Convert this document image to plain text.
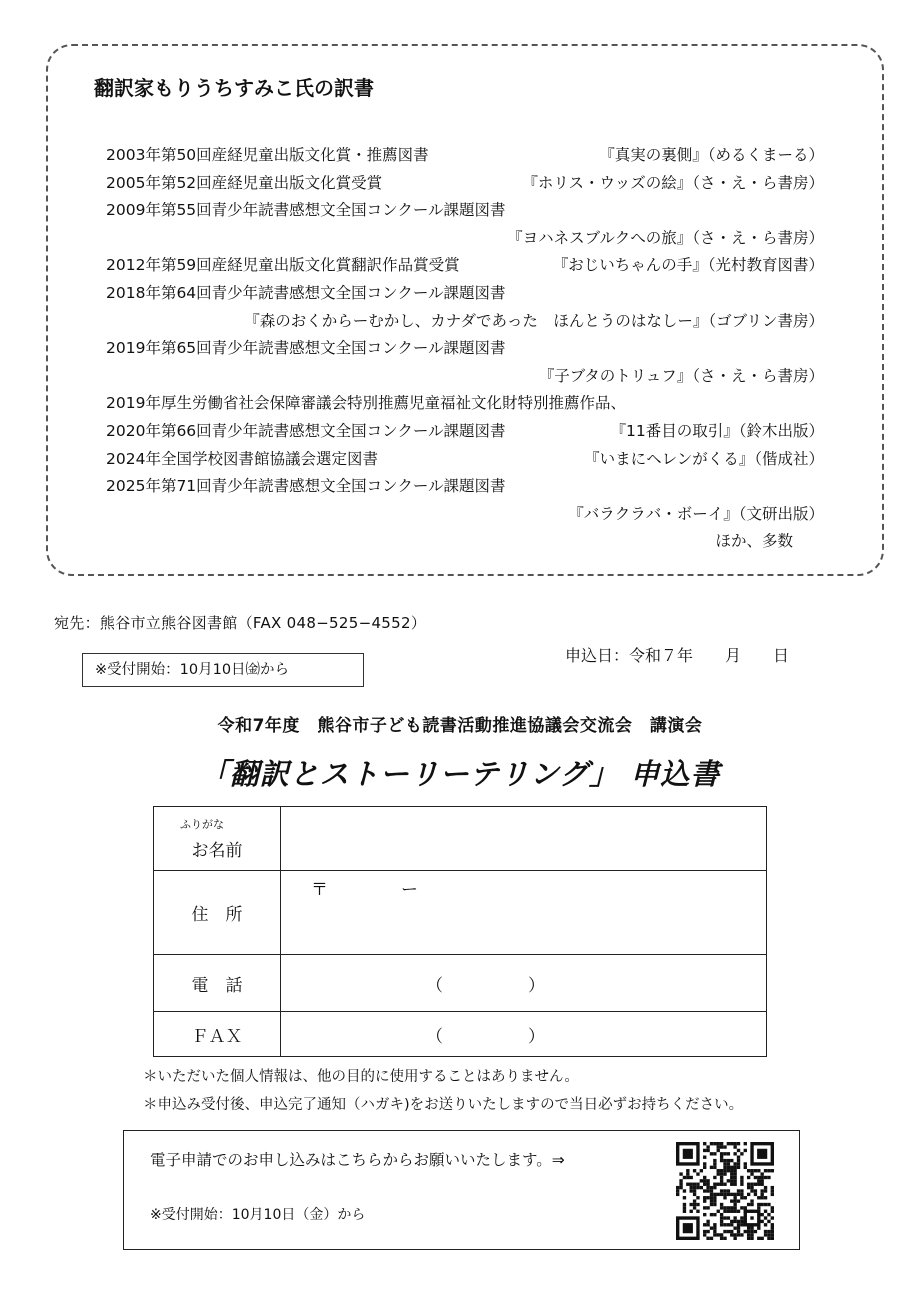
翻訳家もりうちすみこ氏の訳書
2003年第50回産経児童出版文化賞・推薦図書	『真実の裏側』（めるくまーる）
2005年第52回産経児童出版文化賞受賞	『ホリス・ウッズの絵』（さ・え・ら書房）
2009年第55回青少年読書感想文全国コンクール課題図書
『ヨハネスブルクへの旅』（さ・え・ら書房）
2012年第59回産経児童出版文化賞翻訳作品賞受賞	『おじいちゃんの手』（光村教育図書）
2018年第64回青少年読書感想文全国コンクール課題図書
『森のおくからーむかし、カナダであった　ほんとうのはなしー』（ゴブリン書房）
2019年第65回青少年読書感想文全国コンクール課題図書
『子ブタのトリュフ』（さ・え・ら書房）
2019年厚生労働省社会保障審議会特別推薦児童福祉文化財特別推薦作品、
2020年第66回青少年読書感想文全国コンクール課題図書	『11番目の取引』（鈴木出版）
2024年全国学校図書館協議会選定図書	『いまにヘレンがくる』（偕成社）
2025年第71回青少年読書感想文全国コンクール課題図書
『バラクラバ・ボーイ』（文研出版）
ほか、多数　　
宛先：熊谷市立熊谷図書館（FAX 048−525−4552）
申込日：令和７年　　月　　日
※受付開始：10月10日㈮から
令和7年度　熊谷市子ども読書活動推進協議会交流会　講演会
「翻訳とストーリーテリング」 申込書
ふりがな
お名前	
住　所	〒 ー

電　話	（　　　　　）
ＦＡＸ	（　　　　　）
＊いただいた個人情報は、他の目的に使用することはありません。
＊申込み受付後、申込完了通知（ハガキ)をお送りいたしますので当日必ずお持ちください。
電子申請でのお申し込みはこちらからお願いいたします。⇒
※受付開始：10月10日（金）から
